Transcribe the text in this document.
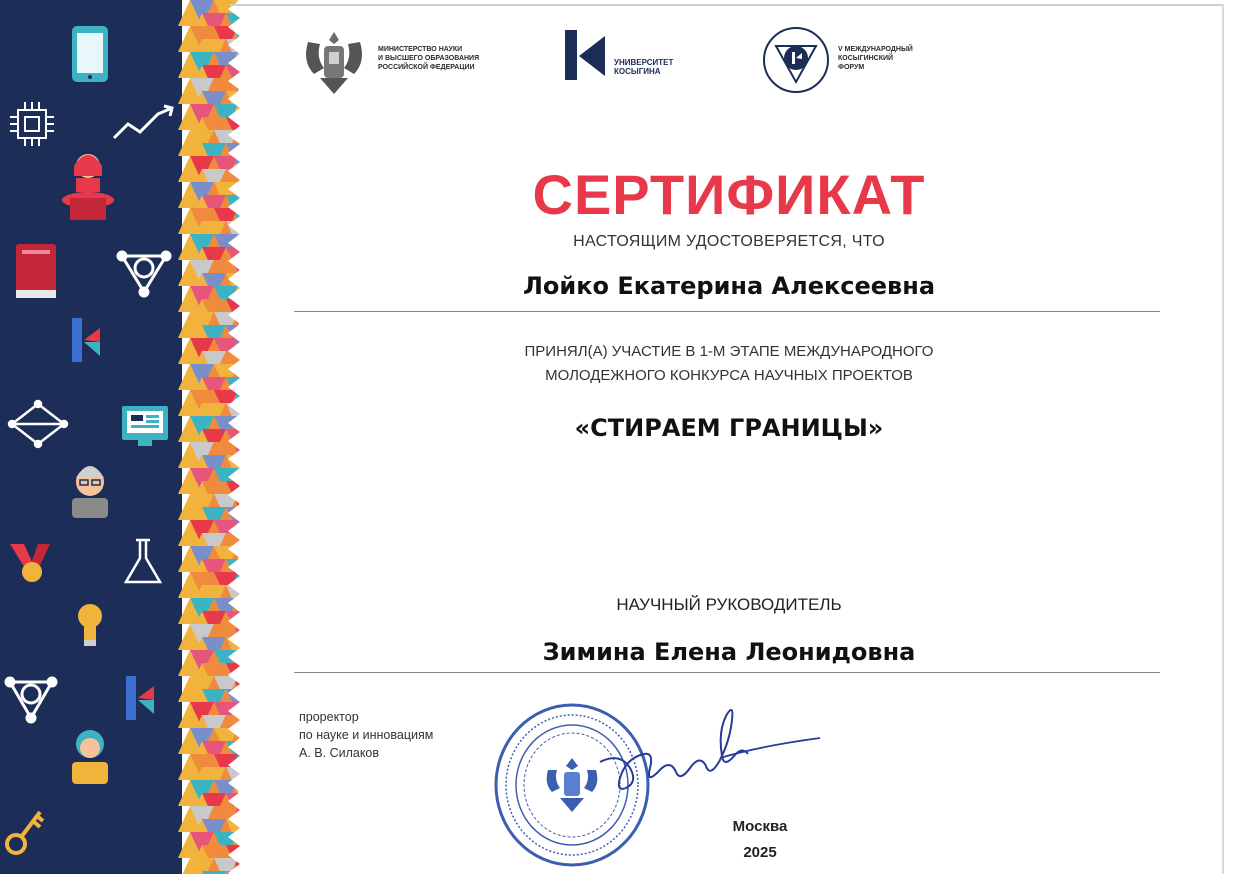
МИНИСТЕРСТВО НАУКИ
И ВЫСШЕГО ОБРАЗОВАНИЯ
РОССИЙСКОЙ ФЕДЕРАЦИИ
УНИВЕРСИТЕТ
КОСЫГИНА
V МЕЖДУНАРОДНЫЙ
КОСЫГИНСКИЙ
ФОРУМ
СЕРТИФИКАТ
НАСТОЯЩИМ УДОСТОВЕРЯЕТСЯ, ЧТО
Лойко Екатерина Алексеевна
ПРИНЯЛ(А) УЧАСТИЕ В 1-М ЭТАПЕ МЕЖДУНАРОДНОГО
МОЛОДЕЖНОГО КОНКУРСА НАУЧНЫХ ПРОЕКТОВ
«СТИРАЕМ ГРАНИЦЫ»
НАУЧНЫЙ РУКОВОДИТЕЛЬ
Зимина Елена Леонидовна
проректор
по науке и инновациям
А. В. Силаков
Москва
2025
